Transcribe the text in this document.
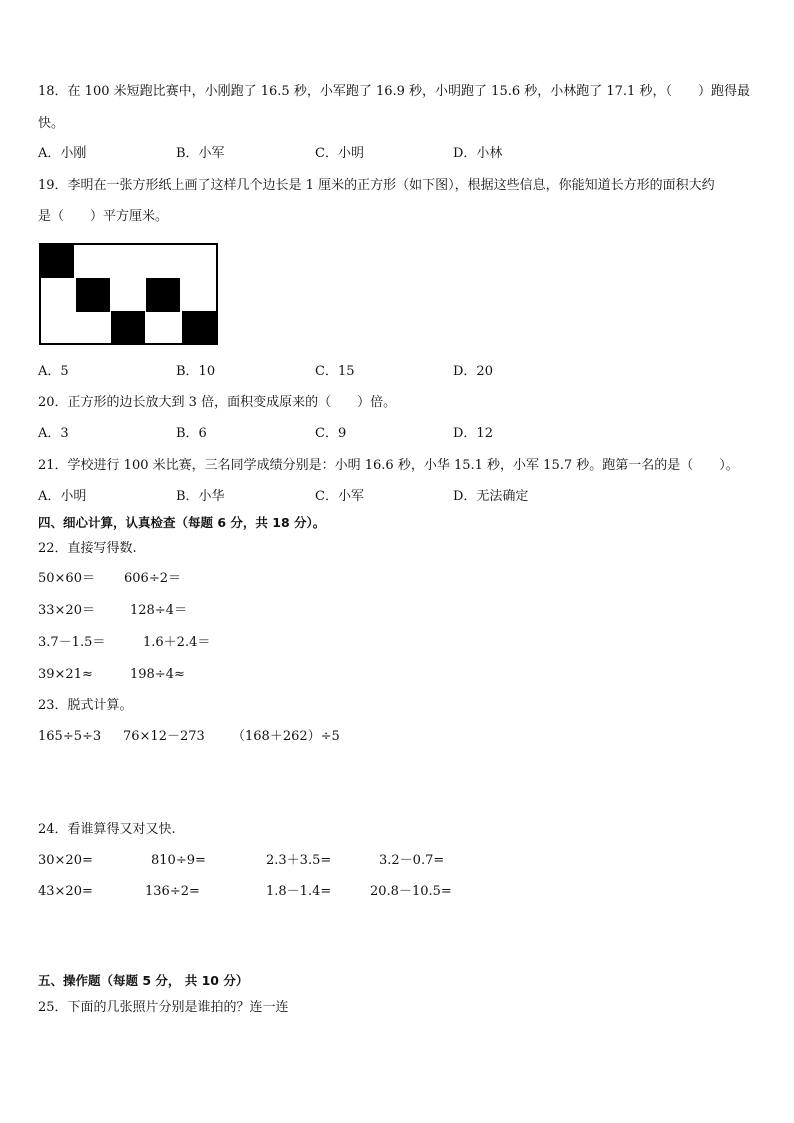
18．在 100 米短跑比赛中，小刚跑了 16.5 秒，小军跑了 16.9 秒，小明跑了 15.6 秒，小林跑了 17.1 秒，（　　）跑得最
快。
A．小刚	B．小军	C．小明	D．小林
19．李明在一张方形纸上画了这样几个边长是 1 厘米的正方形（如下图），根据这些信息，你能知道长方形的面积大约
是（　　）平方厘米。
A．5	B．10	C．15	D．20
20．正方形的边长放大到 3 倍，面积变成原来的（　　）倍。
A．3	B．6	C．9	D．12
21．学校进行 100 米比赛，三名同学成绩分别是：小明 16.6 秒，小华 15.1 秒，小军 15.7 秒。跑第一名的是（　　）。
A．小明	B．小华	C．小军	D．无法确定
四、细心计算，认真检查（每题 6 分，共 18 分）。
22．直接写得数.
50×60＝ 606÷2＝
33×20＝	128÷4＝
3.7－1.5＝	1.6＋2.4＝
39×21≈	198÷4≈
23．脱式计算。
165÷5÷3 76×12－273 （168＋262）÷5
24．看谁算得又对又快.
30×20=	810÷9=	2.3＋3.5=	3.2－0.7=
43×20=	136÷2=	1.8－1.4=	20.8－10.5=
五、操作题（每题 5 分， 共 10 分）
25．下面的几张照片分别是谁拍的？连一连
